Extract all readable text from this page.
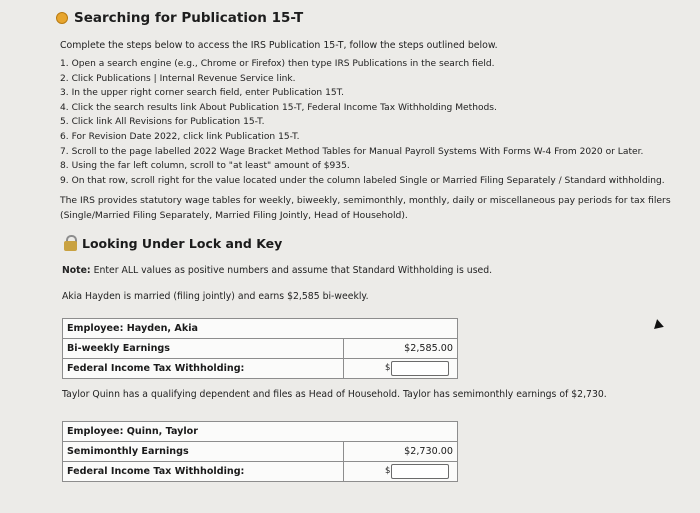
Searching for Publication 15-T
Complete the steps below to access the IRS Publication 15-T, follow the steps outlined below.
1. Open a search engine (e.g., Chrome or Firefox) then type IRS Publications in the search field.
2. Click Publications | Internal Revenue Service link.
3. In the upper right corner search field, enter Publication 15T.
4. Click the search results link About Publication 15-T, Federal Income Tax Withholding Methods.
5. Click link All Revisions for Publication 15-T.
6. For Revision Date 2022, click link Publication 15-T.
7. Scroll to the page labelled 2022 Wage Bracket Method Tables for Manual Payroll Systems With Forms W-4 From 2020 or Later.
8. Using the far left column, scroll to "at least" amount of $935.
9. On that row, scroll right for the value located under the column labeled Single or Married Filing Separately / Standard withholding.
The IRS provides statutory wage tables for weekly, biweekly, semimonthly, monthly, daily or miscellaneous pay periods for tax filers (Single/Married Filing Separately, Married Filing Jointly, Head of Household).
Looking Under Lock and Key
Note: Enter ALL values as positive numbers and assume that Standard Withholding is used.
Akia Hayden is married (filing jointly) and earns $2,585 bi-weekly.
Employee: Hayden, Akia	
Bi-weekly Earnings	$2,585.00
Federal Income Tax Withholding:	$
Taylor Quinn has a qualifying dependent and files as Head of Household. Taylor has semimonthly earnings of $2,730.
Employee: Quinn, Taylor	
Semimonthly Earnings	$2,730.00
Federal Income Tax Withholding:	$
